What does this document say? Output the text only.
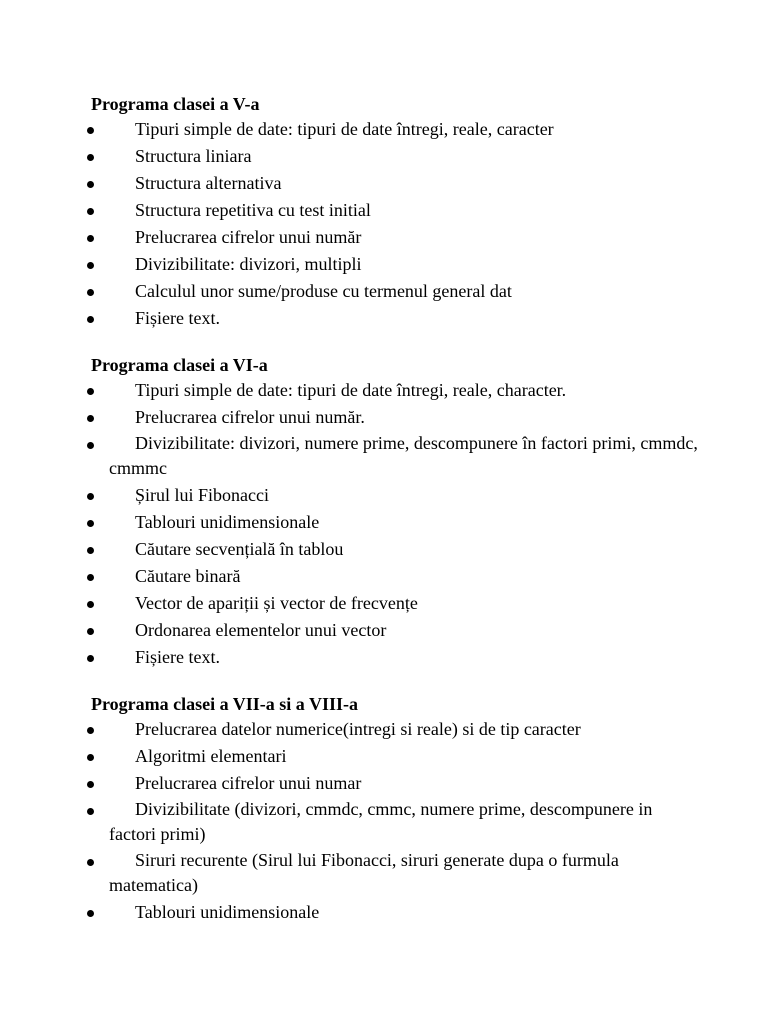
Programa clasei a V-a
Tipuri simple de date: tipuri de date întregi, reale, caracter
Structura liniara
Structura alternativa
Structura repetitiva cu test initial
Prelucrarea cifrelor unui număr
Divizibilitate: divizori, multipli
Calculul unor sume/produse cu termenul general dat
Fișiere text.
Programa clasei a VI-a
Tipuri simple de date: tipuri de date întregi, reale, character.
Prelucrarea cifrelor unui număr.
Divizibilitate: divizori, numere prime, descompunere în factori primi, cmmdc, cmmmc
Șirul lui Fibonacci
Tablouri unidimensionale
Căutare secvențială în tablou
Căutare binară
Vector de apariții și vector de frecvențe
Ordonarea elementelor unui vector
Fișiere text.
Programa clasei a VII-a si a VIII-a
Prelucrarea datelor numerice(intregi si reale) si de tip caracter
Algoritmi elementari
Prelucrarea cifrelor unui numar
Divizibilitate (divizori, cmmdc, cmmc, numere prime, descompunere in factori primi)
Siruri recurente (Sirul lui Fibonacci, siruri generate dupa o furmula matematica)
Tablouri unidimensionale
